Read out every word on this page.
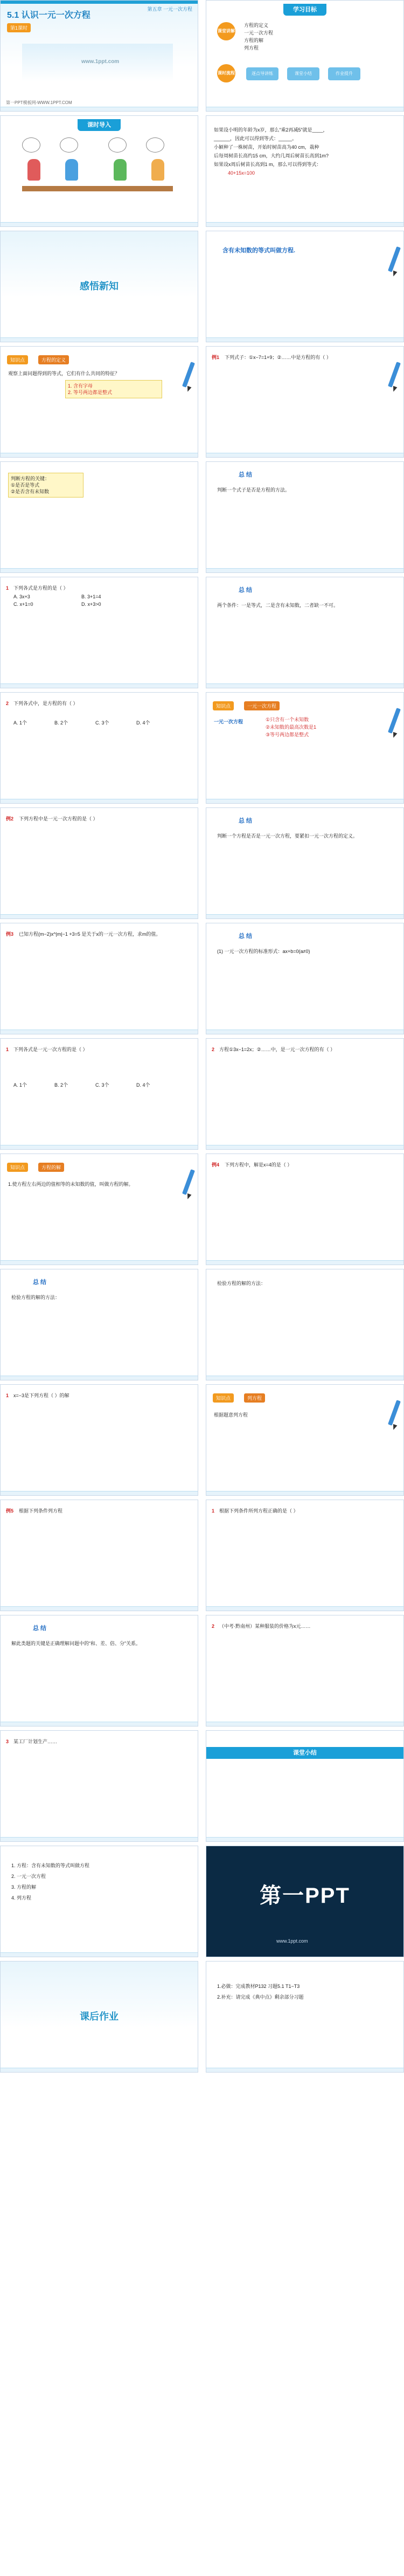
第五章 一元一次方程
5.1 认识一元一次方程
第1课时
www.1ppt.com
第一PPT模板网-WWW.1PPT.COM
学习目标
课堂讲解
课时流程
方程的定义
一元一次方程
方程的解
列方程
逐点导讲练	课堂小结	作业提升
课时导入
如果设小明的年龄为x岁，那么“乘2再减5”就是____，
______，因此可以得到等式：_____。
小颖种了一株树苗，开始时树苗高为40 cm，栽种
后每周树苗长高约15 cm，大约几周后树苗长高到1m?
如果设x周后树苗长高到1 m，那么可以得到等式：
40+15x=100
感悟新知
含有未知数的等式叫做方程.
知识点	方程的定义
观察上面问题得到的等式，它们有什么共同的特征？
1. 含有字母
2. 等号两边都是整式
例1 下列式子：①x−7=1+9；②……中是方程的有（ ）
判断方程的关键：
①是否是等式
②是否含有未知数
总 结
判断一个式子是否是方程的方法。
1 下列各式是方程的是（ ）
A. 3x+3	B. 3+1=4
C. x+1=0	D. x+3>0
总 结
两个条件：一是等式，二是含有未知数，二者缺一不可。
2 下列各式中，是方程的有（ ）
A. 1个	B. 2个	C. 3个	D. 4个
知识点	一元一次方程
一元一次方程	①只含有一个未知数
②未知数的最高次数是1
③等号两边都是整式
例2 下列方程中是一元一次方程的是（ ）	总 结
判断一个方程是否是一元一次方程，要紧扣一元一次方程的定义。
例3 已知方程(m−2)x^|m|−1 +3=5 是关于x的一元一次方程，求m的值。	总 结
(1) 一元一次方程的标准形式：ax+b=0(a≠0)
1 下列各式是一元一次方程的是（ ）
A. 1个	B. 2个	C. 3个	D. 4个
2 方程①3x−1=2x；②……中，是一元一次方程的有（ ）
知识点	方程的解
1.使方程左右两边的值相等的未知数的值，叫做方程的解。
例4 下列方程中，解是x=4的是（ ）
总 结
检验方程的解的方法：
检验方程的解的方法：
1 x=−3是下列方程（ ）的解	知识点	列方程
根据题意列方程
例5 根据下列条件列方程	1 根据下列条件所列方程正确的是（ ）
总 结
解此类题的关键是正确理解问题中的“和、差、倍、分”关系。
2 （中考·黔南州）某种服装的价格为x元……
3 某工厂计划生产……
课堂小结
1. 方程：含有未知数的等式叫做方程
2. 一元一次方程
3. 方程的解
4. 列方程	第一PPT
www.1ppt.com
课后作业
1.必做：完成教材P132 习题5.1 T1−T3
2.补充：请完成《典中点》剩余部分习题
